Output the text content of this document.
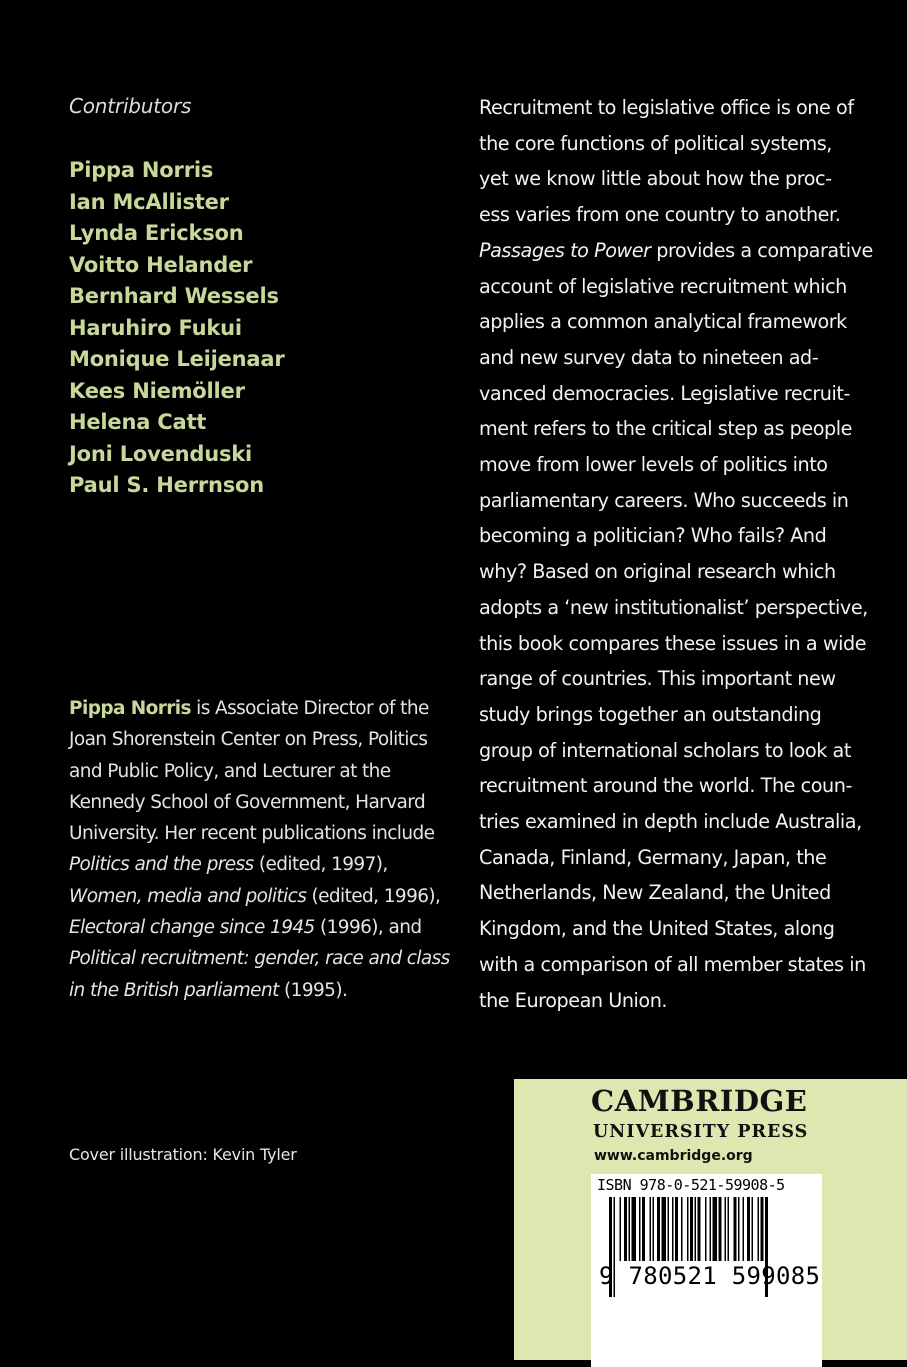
Contributors
Pippa Norris
Ian McAllister
Lynda Erickson
Voitto Helander
Bernhard Wessels
Haruhiro Fukui
Monique Leijenaar
Kees Niemöller
Helena Catt
Joni Lovenduski
Paul S. Herrnson
Pippa Norris is Associate Director of the
Joan Shorenstein Center on Press, Politics
and Public Policy, and Lecturer at the
Kennedy School of Government, Harvard
University. Her recent publications include
Politics and the press (edited, 1997),
Women, media and politics (edited, 1996),
Electoral change since 1945 (1996), and
Political recruitment: gender, race and class
in the British parliament (1995).
Recruitment to legislative office is one of
the core functions of political systems,
yet we know little about how the proc-
ess varies from one country to another.
Passages to Power provides a comparative
account of legislative recruitment which
applies a common analytical framework
and new survey data to nineteen ad-
vanced democracies. Legislative recruit-
ment refers to the critical step as people
move from lower levels of politics into
parliamentary careers. Who succeeds in
becoming a politician? Who fails? And
why? Based on original research which
adopts a ‘new institutionalist’ perspective,
this book compares these issues in a wide
range of countries. This important new
study brings together an outstanding
group of international scholars to look at
recruitment around the world. The coun-
tries examined in depth include Australia,
Canada, Finland, Germany, Japan, the
Netherlands, New Zealand, the United
Kingdom, and the United States, along
with a comparison of all member states in
the European Union.
Cover illustration: Kevin Tyler
CAMBRIDGE
UNIVERSITY PRESS
www.cambridge.org
ISBN 978-0-521-59908-5
9 780521 599085
